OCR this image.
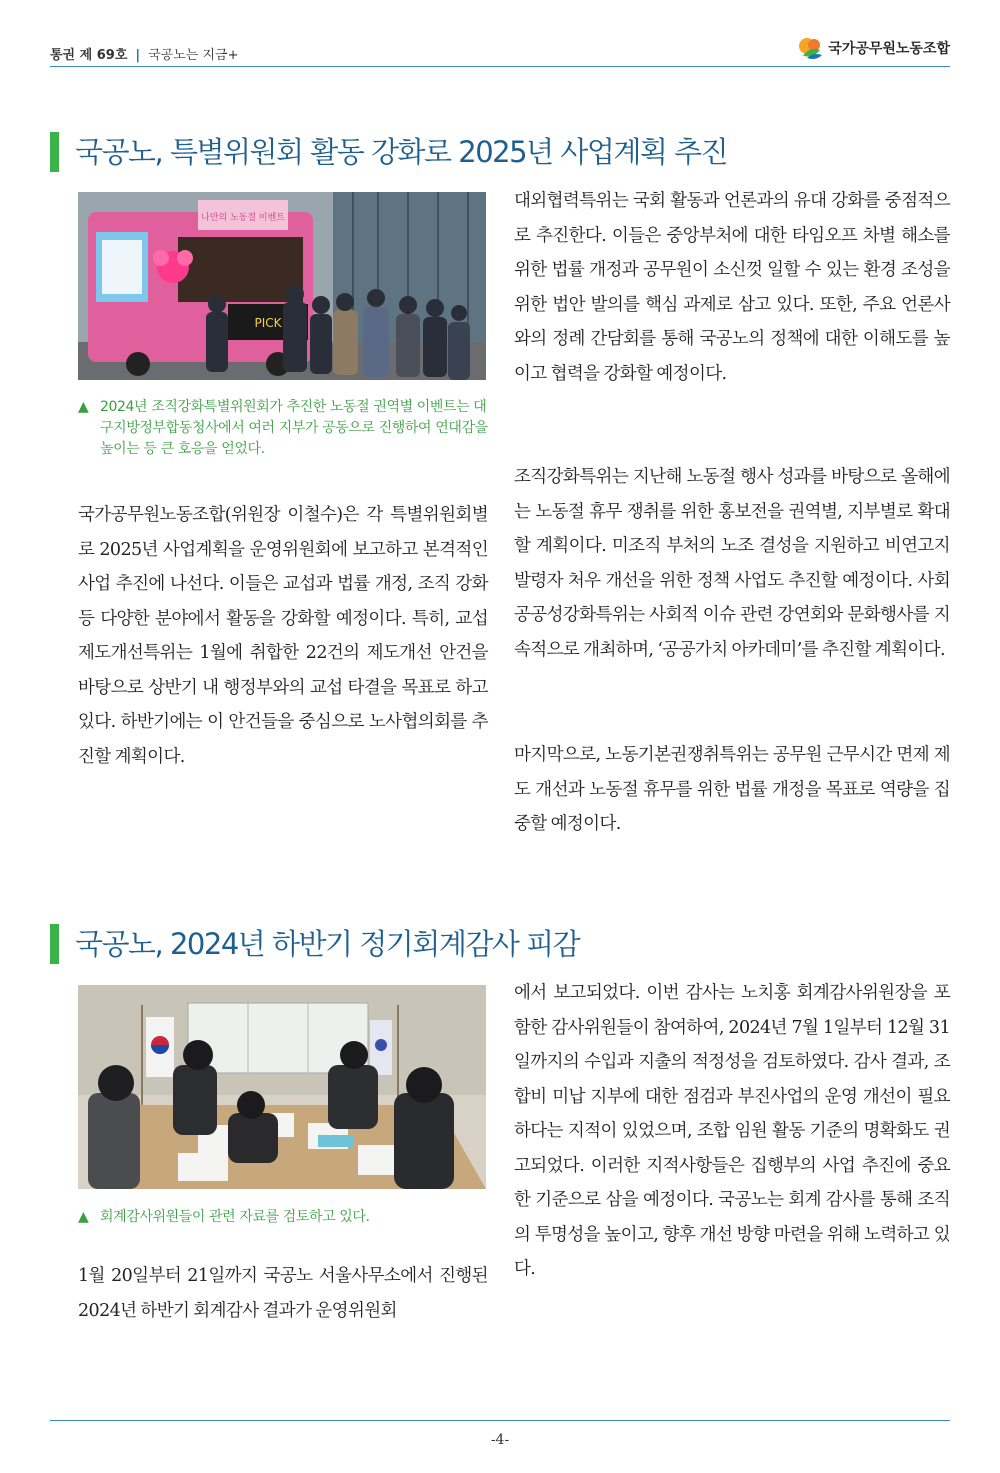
통권 제 69호 | 국공노는 지금+	국가공무원노동조합
국공노, 특별위원회 활동 강화로 2025년 사업계획 추진
나만의 노동절 이벤트
PICK
▲ 2024년 조직강화특별위원회가 추진한 노동절 권역별 이벤트는 대구지방정부합동청사에서 여러 지부가 공동으로 진행하여 연대감을 높이는 등 큰 호응을 얻었다.

국가공무원노동조합(위원장 이철수)은 각 특별위원회별로 2025년 사업계획을 운영위원회에 보고하고 본격적인 사업 추진에 나선다. 이들은 교섭과 법률 개정, 조직 강화 등 다양한 분야에서 활동을 강화할 예정이다. 특히, 교섭제도개선특위는 1월에 취합한 22건의 제도개선 안건을 바탕으로 상반기 내 행정부와의 교섭 타결을 목표로 하고 있다. 하반기에는 이 안건들을 중심으로 노사협의회를 추진할 계획이다.

대외협력특위는 국회 활동과 언론과의 유대 강화를 중점적으로 추진한다. 이들은 중앙부처에 대한 타임오프 차별 해소를 위한 법률 개정과 공무원이 소신껏 일할 수 있는 환경 조성을 위한 법안 발의를 핵심 과제로 삼고 있다. 또한, 주요 언론사와의 정례 간담회를 통해 국공노의 정책에 대한 이해도를 높이고 협력을 강화할 예정이다.

조직강화특위는 지난해 노동절 행사 성과를 바탕으로 올해에는 노동절 휴무 쟁취를 위한 홍보전을 권역별, 지부별로 확대할 계획이다. 미조직 부처의 노조 결성을 지원하고 비연고지 발령자 처우 개선을 위한 정책 사업도 추진할 예정이다. 사회공공성강화특위는 사회적 이슈 관련 강연회와 문화행사를 지속적으로 개최하며, ‘공공가치 아카데미’를 추진할 계획이다.

마지막으로, 노동기본권쟁취특위는 공무원 근무시간 면제 제도 개선과 노동절 휴무를 위한 법률 개정을 목표로 역량을 집중할 예정이다.

국공노, 2024년 하반기 정기회계감사 피감
▲ 회계감사위원들이 관련 자료를 검토하고 있다.

1월 20일부터 21일까지 국공노 서울사무소에서 진행된 2024년 하반기 회계감사 결과가 운영위원회

에서 보고되었다. 이번 감사는 노치홍 회계감사위원장을 포함한 감사위원들이 참여하여, 2024년 7월 1일부터 12월 31일까지의 수입과 지출의 적정성을 검토하였다. 감사 결과, 조합비 미납 지부에 대한 점검과 부진사업의 운영 개선이 필요하다는 지적이 있었으며, 조합 임원 활동 기준의 명확화도 권고되었다. 이러한 지적사항들은 집행부의 사업 추진에 중요한 기준으로 삼을 예정이다. 국공노는 회계 감사를 통해 조직의 투명성을 높이고, 향후 개선 방향 마련을 위해 노력하고 있다.

-4-
